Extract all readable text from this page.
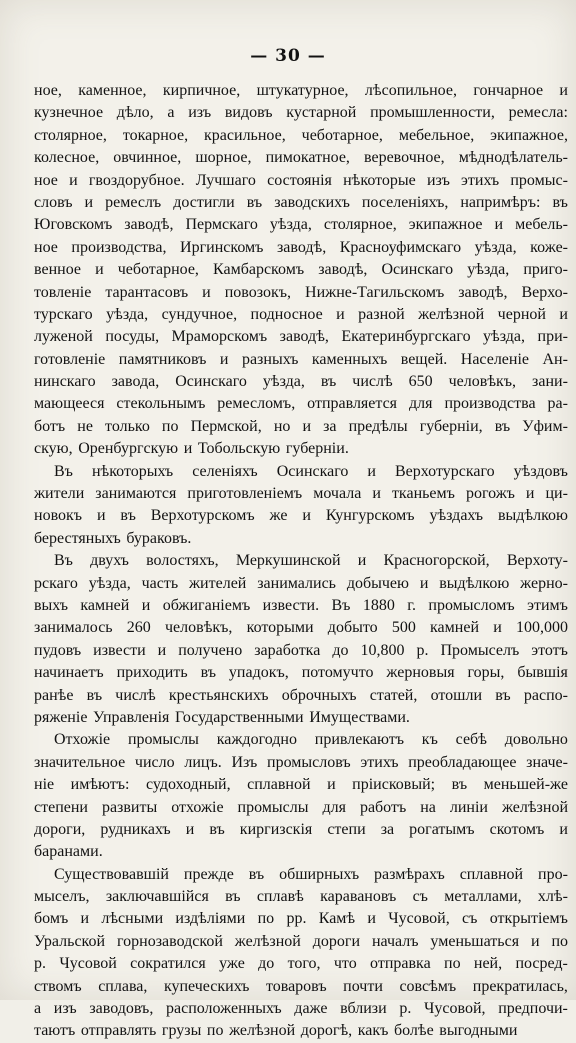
— 30 —
ное, каменное, кирпичное, штукатурное, лѣсопильное, гончарное и
кузнечное дѣло, а изъ видовъ кустарной промышленности, ремесла:
столярное, токарное, красильное, чеботарное, мебельное, экипажное,
колесное, овчинное, шорное, пимокатное, веревочное, мѣднодѣлатель-
ное и гвоздорубное. Лучшаго состоянія нѣкоторые изъ этихъ промыс-
словъ и ремеслъ достигли въ заводскихъ поселеніяхъ, напримѣръ: въ
Юговскомъ заводѣ, Пермскаго уѣзда, столярное, экипажное и мебель-
ное производства, Иргинскомъ заводѣ, Красноуфимскаго уѣзда, коже-
венное и чеботарное, Камбарскомъ заводѣ, Осинскаго уѣзда, приго-
товленіе тарантасовъ и повозокъ, Нижне-Тагильскомъ заводѣ, Верхо-
турскаго уѣзда, сундучное, подносное и разной желѣзной черной и
луженой посуды, Мраморскомъ заводѣ, Екатеринбургскаго уѣзда, при-
готовленіе памятниковъ и разныхъ каменныхъ вещей. Населеніе Ан-
нинскаго завода, Осинскаго уѣзда, въ числѣ 650 человѣкъ, зани-
мающееся стекольнымъ ремесломъ, отправляется для производства ра-
ботъ не только по Пермской, но и за предѣлы губерніи, въ Уфим-
скую, Оренбургскую и Тобольскую губерніи.
Въ нѣкоторыхъ селеніяхъ Осинскаго и Верхотурскаго уѣздовъ
жители занимаются приготовленіемъ мочала и тканьемъ рогожъ и ци-
новокъ и въ Верхотурскомъ же и Кунгурскомъ уѣздахъ выдѣлкою
берестяныхъ бураковъ.
Въ двухъ волостяхъ, Меркушинской и Красногорской, Верхоту-
рскаго уѣзда, часть жителей занимались добычею и выдѣлкою жерно-
выхъ камней и обжиганіемъ извести. Въ 1880 г. промысломъ этимъ
занималось 260 человѣкъ, которыми добыто 500 камней и 100,000
пудовъ извести и получено заработка до 10,800 р. Промыселъ этотъ
начинаетъ приходить въ упадокъ, потомучто жерновыя горы, бывшія
ранѣе въ числѣ крестьянскихъ оброчныхъ статей, отошли въ распо-
ряженіе Управленія Государственными Имуществами.
Отхожіе промыслы каждогодно привлекаютъ къ себѣ довольно
значительное число лицъ. Изъ промысловъ этихъ преобладающее значе-
ніе имѣютъ: судоходный, сплавной и пріисковый; въ меньшей-же
степени развиты отхожіе промыслы для работъ на линіи желѣзной
дороги, рудникахъ и въ киргизскія степи за рогатымъ скотомъ и
баранами.
Существовавшій прежде въ обширныхъ размѣрахъ сплавной про-
мыселъ, заключавшійся въ сплавѣ каравановъ съ металлами, хлѣ-
бомъ и лѣсными издѣліями по рр. Камѣ и Чусовой, съ открытіемъ
Уральской горнозаводской желѣзной дороги началъ уменьшаться и по
р. Чусовой сократился уже до того, что отправка по ней, посред-
ствомъ сплава, купеческихъ товаровъ почти совсѣмъ прекратилась,
а изъ заводовъ, расположенныхъ даже вблизи р. Чусовой, предпочи-
таютъ отправлять грузы по желѣзной дорогѣ, какъ болѣе выгодными
